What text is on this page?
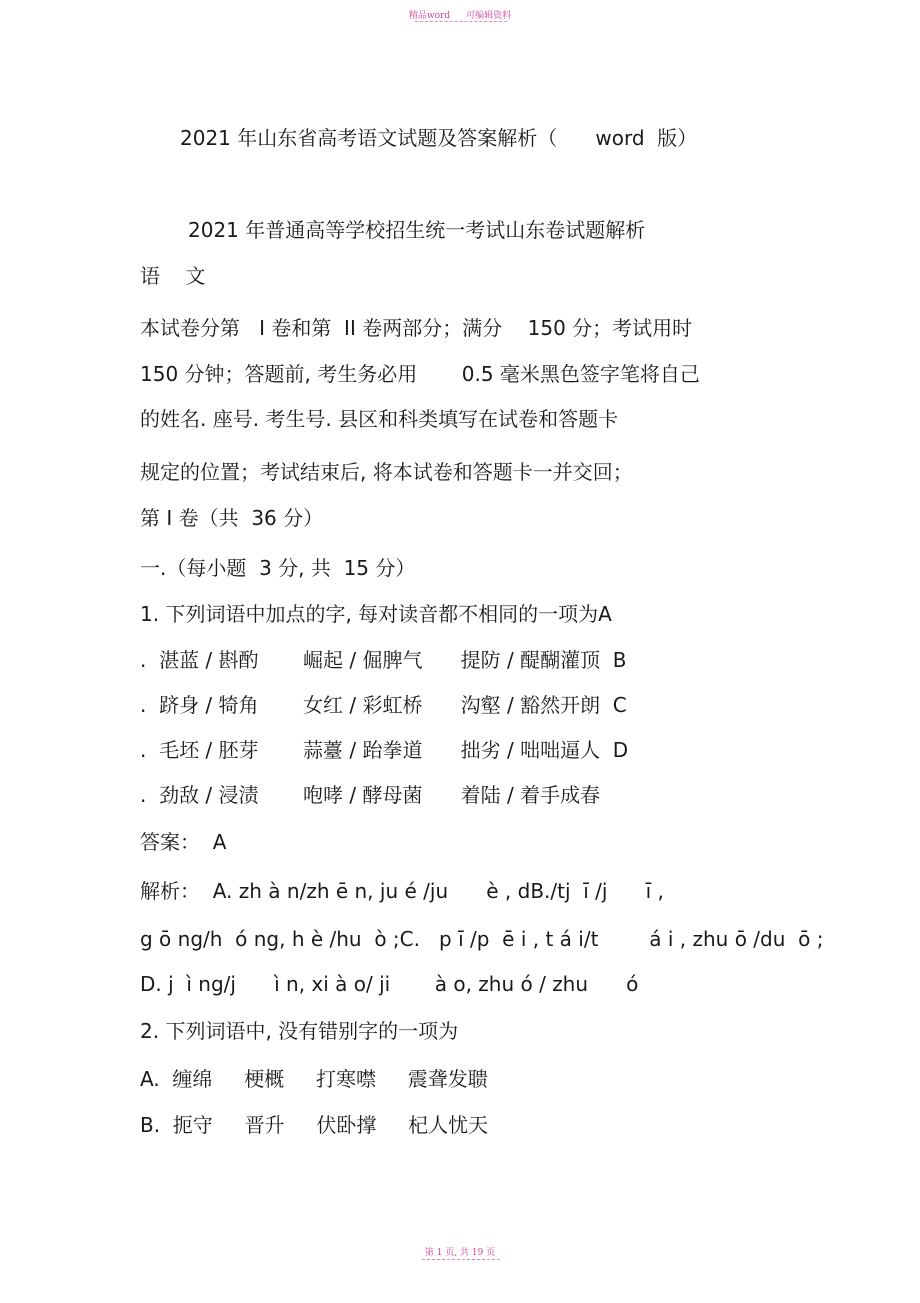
精品word 可编辑资料
2021 年山东省高考语文试题及答案解析（      word  版）
2021 年普通高等学校招生统一考试山东卷试题解析
语    文
本试卷分第   I 卷和第  II 卷两部分；满分    150 分；考试用时
150 分钟；答题前, 考生务必用       0.5 毫米黑色签字笔将自己
的姓名. 座号. 考生号. 县区和科类填写在试卷和答题卡
规定的位置；考试结束后, 将本试卷和答题卡一并交回；
第 I 卷（共  36 分）
一.（每小题  3 分, 共  15 分）
1. 下列词语中加点的字, 每对读音都不相同的一项为A
.  湛蓝 / 斟酌       崛起 / 倔脾气      提防 / 醍醐灌顶  B
.  跻身 / 犄角       女红 / 彩虹桥      沟壑 / 豁然开朗  C
.  毛坯 / 胚芽       蒜薹 / 跆拳道      拙劣 / 咄咄逼人  D
.  劲敌 / 浸渍       咆哮 / 酵母菌      着陆 / 着手成春
答案：  A
解析：  A. zh à n/zh ē n, ju é /ju      è , dB./tj  ī /j      ī ,
g ō ng/h  ó ng, h è /hu  ò ;C.   p ī /p  ē i , t á i/t        á i , zhu ō /du  ō ;
D. j  ì ng/j      ì n, xi à o/ ji       à o, zhu ó / zhu      ó
2. 下列词语中, 没有错别字的一项为
A.  缠绵     梗概     打寒噤     震聋发聩
B.  扼守     晋升     伏卧撑     杞人忧天
第 1 页, 共 19 页
